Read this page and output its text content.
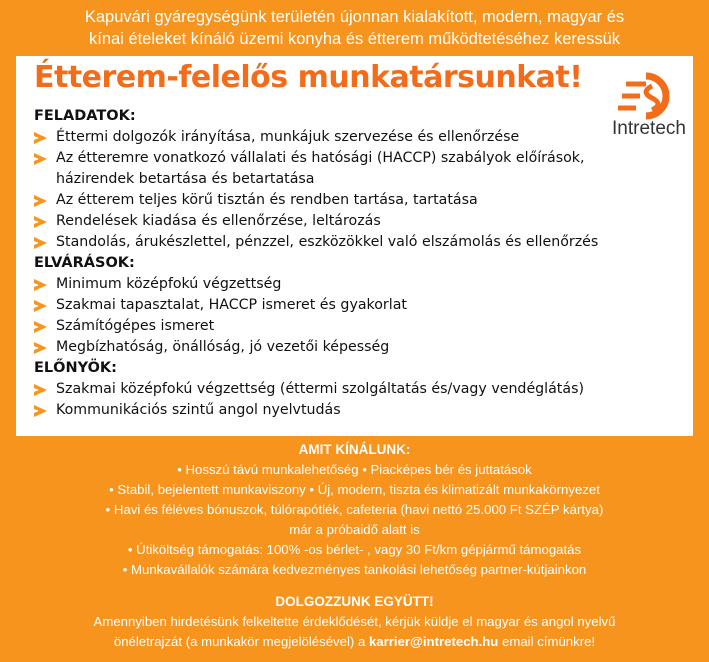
Kapuvári gyáregységünk területén újonnan kialakított, modern, magyar és
kínai ételeket kínáló üzemi konyha és étterem működtetéséhez keressük
Étterem-felelős munkatársunkat!
Intretech
FELADATOK:
Éttermi dolgozók irányítása, munkájuk szervezése és ellenőrzése
Az étteremre vonatkozó vállalati és hatósági (HACCP) szabályok előírások,
házirendek betartása és betartatása
Az étterem teljes körű tisztán és rendben tartása, tartatása
Rendelések kiadása és ellenőrzése, leltározás
Standolás, árukészlettel, pénzzel, eszközökkel való elszámolás és ellenőrzés
ELVÁRÁSOK:
Minimum középfokú végzettség
Szakmai tapasztalat, HACCP ismeret és gyakorlat
Számítógépes ismeret
Megbízhatóság, önállóság, jó vezetői képesség
ELŐNYÖK:
Szakmai középfokú végzettség (éttermi szolgáltatás és/vagy vendéglátás)
Kommunikációs szintű angol nyelvtudás
AMIT KÍNÁLUNK:
• Hosszú távú munkalehetőség • Piacképes bér és juttatások
• Stabil, bejelentett munkaviszony • Új, modern, tiszta és klimatizált munkakörnyezet
• Havi és féléves bónuszok, túlórapótlék, cafeteria (havi nettó 25.000 Ft SZÉP kártya)
már a próbaidő alatt is
• Útiköltség támogatás: 100% -os bérlet- , vagy 30 Ft/km gépjármű támogatás
• Munkavállalók számára kedvezményes tankolási lehetőség partner-kútjainkon
DOLGOZZUNK EGYÜTT!
Amennyiben hirdetésünk felkeltette érdeklődését, kérjük küldje el magyar és angol nyelvű
önéletrajzát (a munkakör megjelölésével) a karrier@intretech.hu email címünkre!
